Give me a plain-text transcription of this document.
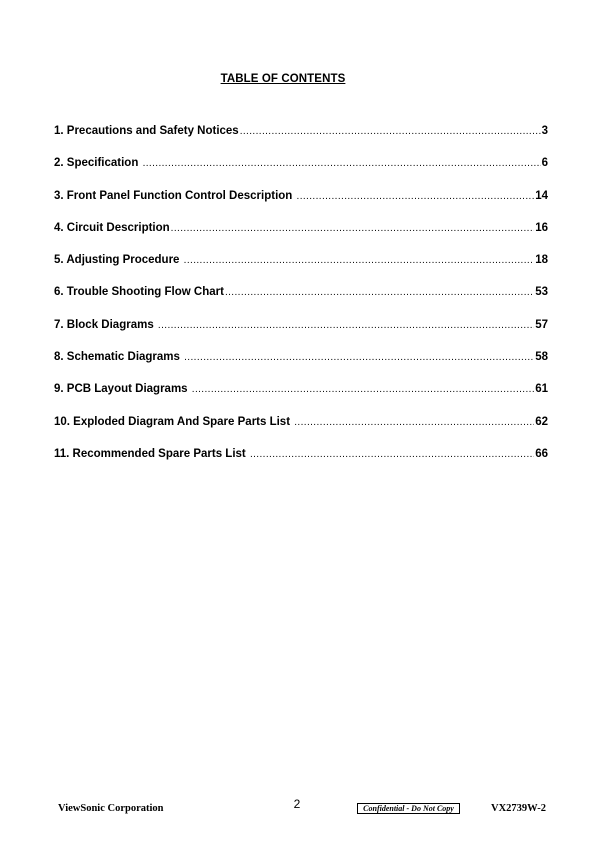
TABLE OF CONTENTS
1. Precautions and Safety Notices .....	3
2. Specification .....	6
3. Front Panel Function Control Description .....	14
4. Circuit Description .....	16
5. Adjusting Procedure .....	18
6. Trouble Shooting Flow Chart .....	53
7. Block Diagrams .....	57
8. Schematic Diagrams .....	58
9. PCB Layout Diagrams .....	61
10. Exploded Diagram And Spare Parts List .....	62
11. Recommended Spare Parts List .....	66
ViewSonic Corporation	2	Confidential - Do Not Copy	VX2739W-2
